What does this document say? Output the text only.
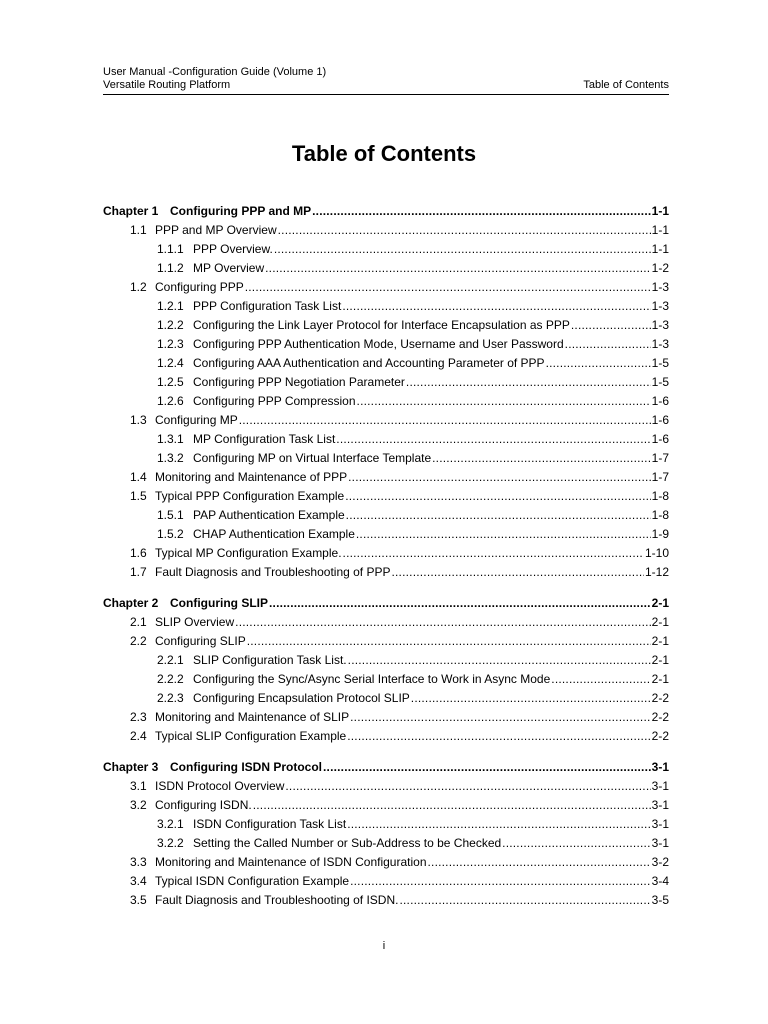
User Manual -Configuration Guide (Volume 1)
Versatile Routing Platform	Table of Contents
Table of Contents
Chapter 1 Configuring PPP and MP .....	1-1
1.1 PPP and MP Overview .....	1-1
1.1.1 PPP Overview. .....	1-1
1.1.2 MP Overview .....	1-2
1.2 Configuring PPP .....	1-3
1.2.1 PPP Configuration Task List .....	1-3
1.2.2 Configuring the Link Layer Protocol for Interface Encapsulation as PPP .....	1-3
1.2.3 Configuring PPP Authentication Mode, Username and User Password .....	1-3
1.2.4 Configuring AAA Authentication and Accounting Parameter of PPP .....	1-5
1.2.5 Configuring PPP Negotiation Parameter .....	1-5
1.2.6 Configuring PPP Compression .....	1-6
1.3 Configuring MP .....	1-6
1.3.1 MP Configuration Task List .....	1-6
1.3.2 Configuring MP on Virtual Interface Template .....	1-7
1.4 Monitoring and Maintenance of PPP .....	1-7
1.5 Typical PPP Configuration Example .....	1-8
1.5.1 PAP Authentication Example .....	1-8
1.5.2 CHAP Authentication Example .....	1-9
1.6 Typical MP Configuration Example. .....	1-10
1.7 Fault Diagnosis and Troubleshooting of PPP .....	1-12
Chapter 2 Configuring SLIP .....	2-1
2.1 SLIP Overview .....	2-1
2.2 Configuring SLIP .....	2-1
2.2.1 SLIP Configuration Task List. .....	2-1
2.2.2 Configuring the Sync/Async Serial Interface to Work in Async Mode .....	2-1
2.2.3 Configuring Encapsulation Protocol SLIP .....	2-2
2.3 Monitoring and Maintenance of SLIP .....	2-2
2.4 Typical SLIP Configuration Example .....	2-2
Chapter 3 Configuring ISDN Protocol .....	3-1
3.1 ISDN Protocol Overview .....	3-1
3.2 Configuring ISDN. .....	3-1
3.2.1 ISDN Configuration Task List .....	3-1
3.2.2 Setting the Called Number or Sub-Address to be Checked .....	3-1
3.3 Monitoring and Maintenance of ISDN Configuration .....	3-2
3.4 Typical ISDN Configuration Example .....	3-4
3.5 Fault Diagnosis and Troubleshooting of ISDN. .....	3-5
i
